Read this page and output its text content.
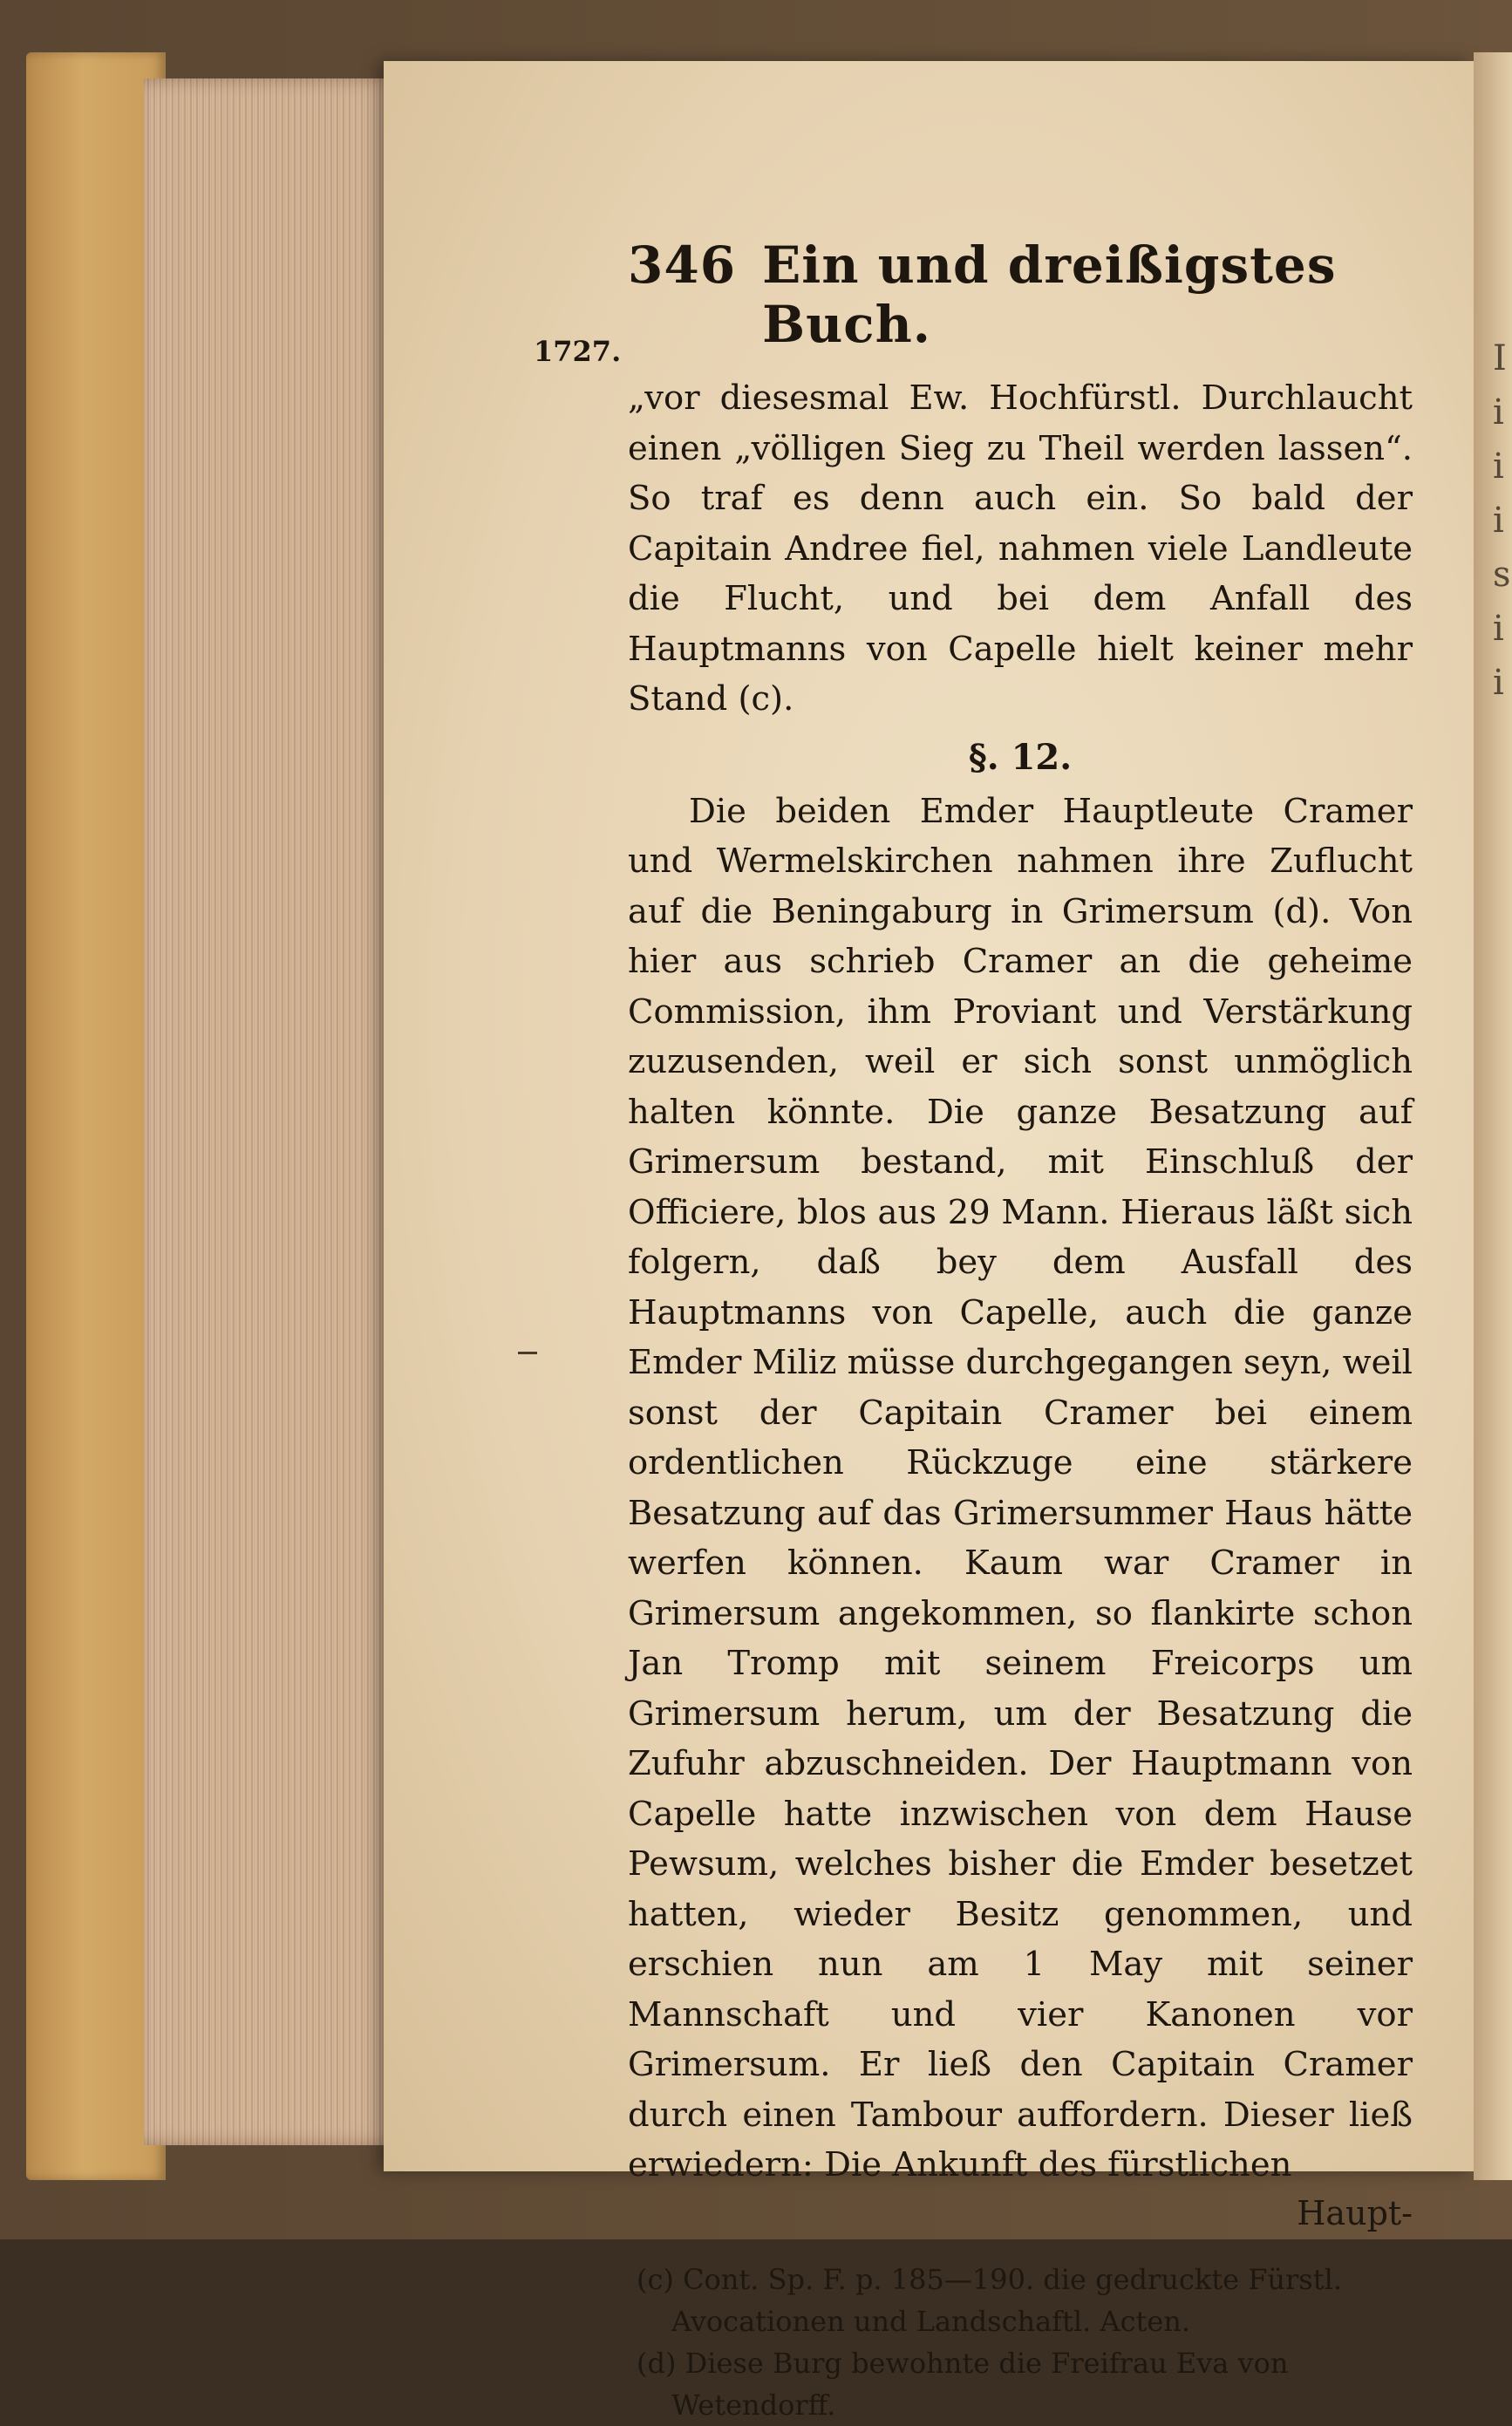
I
i
i
i
s
i
i
1727.
346 Ein und dreißigstes Buch.
„vor diesesmal Ew. Hochfürstl. Durchlaucht einen „völligen Sieg zu Theil werden lassen“. So traf es denn auch ein. So bald der Capitain Andree fiel, nahmen viele Landleute die Flucht, und bei dem Anfall des Hauptmanns von Capelle hielt keiner mehr Stand (c).
§. 12.
Die beiden Emder Hauptleute Cramer und Wermelskirchen nahmen ihre Zuflucht auf die Beningaburg in Grimersum (d). Von hier aus schrieb Cramer an die geheime Commission, ihm Proviant und Verstärkung zuzusenden, weil er sich sonst unmöglich halten könnte. Die ganze Besatzung auf Grimersum bestand, mit Einschluß der Officiere, blos aus 29 Mann. Hieraus läßt sich folgern, daß bey dem Ausfall des Hauptmanns von Capelle, auch die ganze Emder Miliz müsse durchgegangen seyn, weil sonst der Capitain Cramer bei einem ordentlichen Rückzuge eine stärkere Besatzung auf das Grimersummer Haus hätte werfen können. Kaum war Cramer in Grimersum angekommen, so flankirte schon Jan Tromp mit seinem Freicorps um Grimersum herum, um der Besatzung die Zufuhr abzuschneiden. Der Hauptmann von Capelle hatte inzwischen von dem Hause Pewsum, welches bisher die Emder besetzet hatten, wieder Besitz genommen, und erschien nun am 1 May mit seiner Mannschaft und vier Kanonen vor Grimersum. Er ließ den Capitain Cramer durch einen Tambour auffordern. Dieser ließ erwiedern: Die Ankunft des fürstlichen
Haupt-

(c) Cont. Sp. F. p. 185—190. die gedruckte Fürstl. Avocationen und Landschaftl. Acten.

(d) Diese Burg bewohnte die Freifrau Eva von Wetendorff.
